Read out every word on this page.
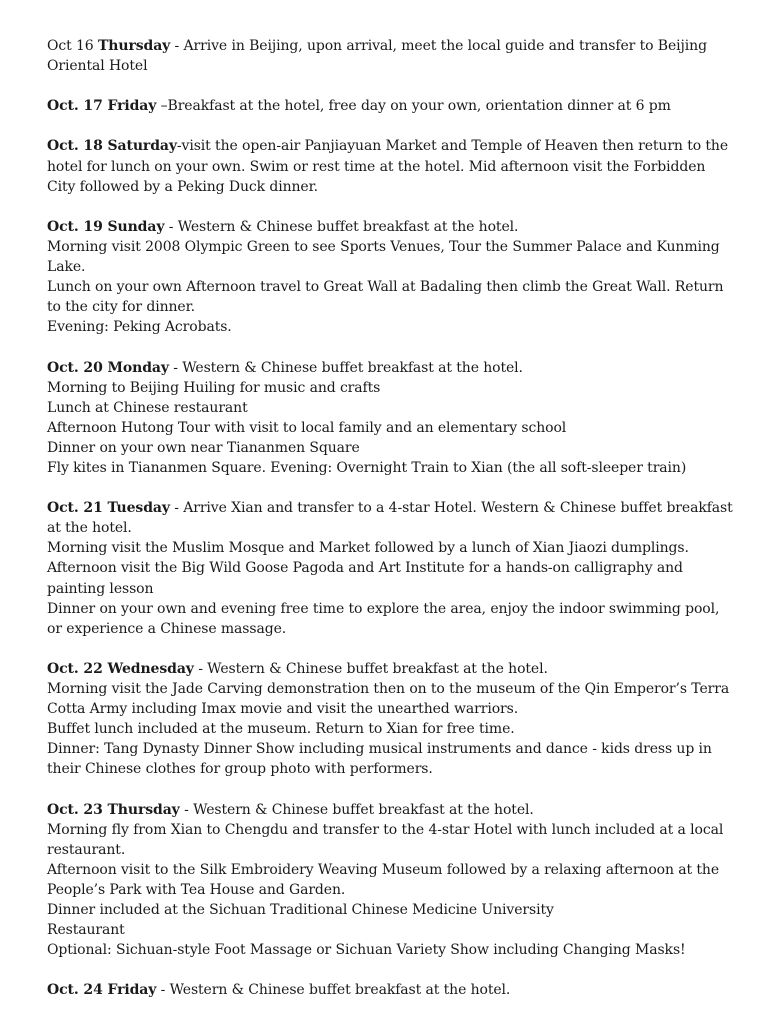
Oct 16 Thursday - Arrive in Beijing, upon arrival, meet the local guide and transfer to Beijing Oriental Hotel

Oct. 17 Friday –Breakfast at the hotel, free day on your own, orientation dinner at 6 pm

Oct. 18 Saturday-visit the open-air Panjiayuan Market and Temple of Heaven then return to the hotel for lunch on your own. Swim or rest time at the hotel. Mid afternoon visit the Forbidden City followed by a Peking Duck dinner.

Oct. 19 Sunday - Western & Chinese buffet breakfast at the hotel.

Morning visit 2008 Olympic Green to see Sports Venues, Tour the Summer Palace and Kunming Lake.

Lunch on your own Afternoon travel to Great Wall at Badaling then climb the Great Wall. Return to the city for dinner.

Evening: Peking Acrobats.

Oct. 20 Monday - Western & Chinese buffet breakfast at the hotel.

Morning to Beijing Huiling for music and crafts

Lunch at Chinese restaurant

Afternoon Hutong Tour with visit to local family and an elementary school

Dinner on your own near Tiananmen Square

Fly kites in Tiananmen Square. Evening: Overnight Train to Xian (the all soft-sleeper train)

Oct. 21 Tuesday - Arrive Xian and transfer to a 4-star Hotel. Western & Chinese buffet breakfast at the hotel.

Morning visit the Muslim Mosque and Market followed by a lunch of Xian Jiaozi dumplings.

Afternoon visit the Big Wild Goose Pagoda and Art Institute for a hands-on calligraphy and painting lesson

Dinner on your own and evening free time to explore the area, enjoy the indoor swimming pool, or experience a Chinese massage.

Oct. 22 Wednesday - Western & Chinese buffet breakfast at the hotel.

Morning visit the Jade Carving demonstration then on to the museum of the Qin Emperor’s Terra Cotta Army including Imax movie and visit the unearthed warriors.

Buffet lunch included at the museum. Return to Xian for free time.

Dinner: Tang Dynasty Dinner Show including musical instruments and dance - kids dress up in their Chinese clothes for group photo with performers.

Oct. 23 Thursday - Western & Chinese buffet breakfast at the hotel.

Morning fly from Xian to Chengdu and transfer to the 4-star Hotel with lunch included at a local restaurant.

Afternoon visit to the Silk Embroidery Weaving Museum followed by a relaxing afternoon at the People’s Park with Tea House and Garden.

Dinner included at the Sichuan Traditional Chinese Medicine University

Restaurant

Optional: Sichuan-style Foot Massage or Sichuan Variety Show including Changing Masks!

Oct. 24 Friday - Western & Chinese buffet breakfast at the hotel.
